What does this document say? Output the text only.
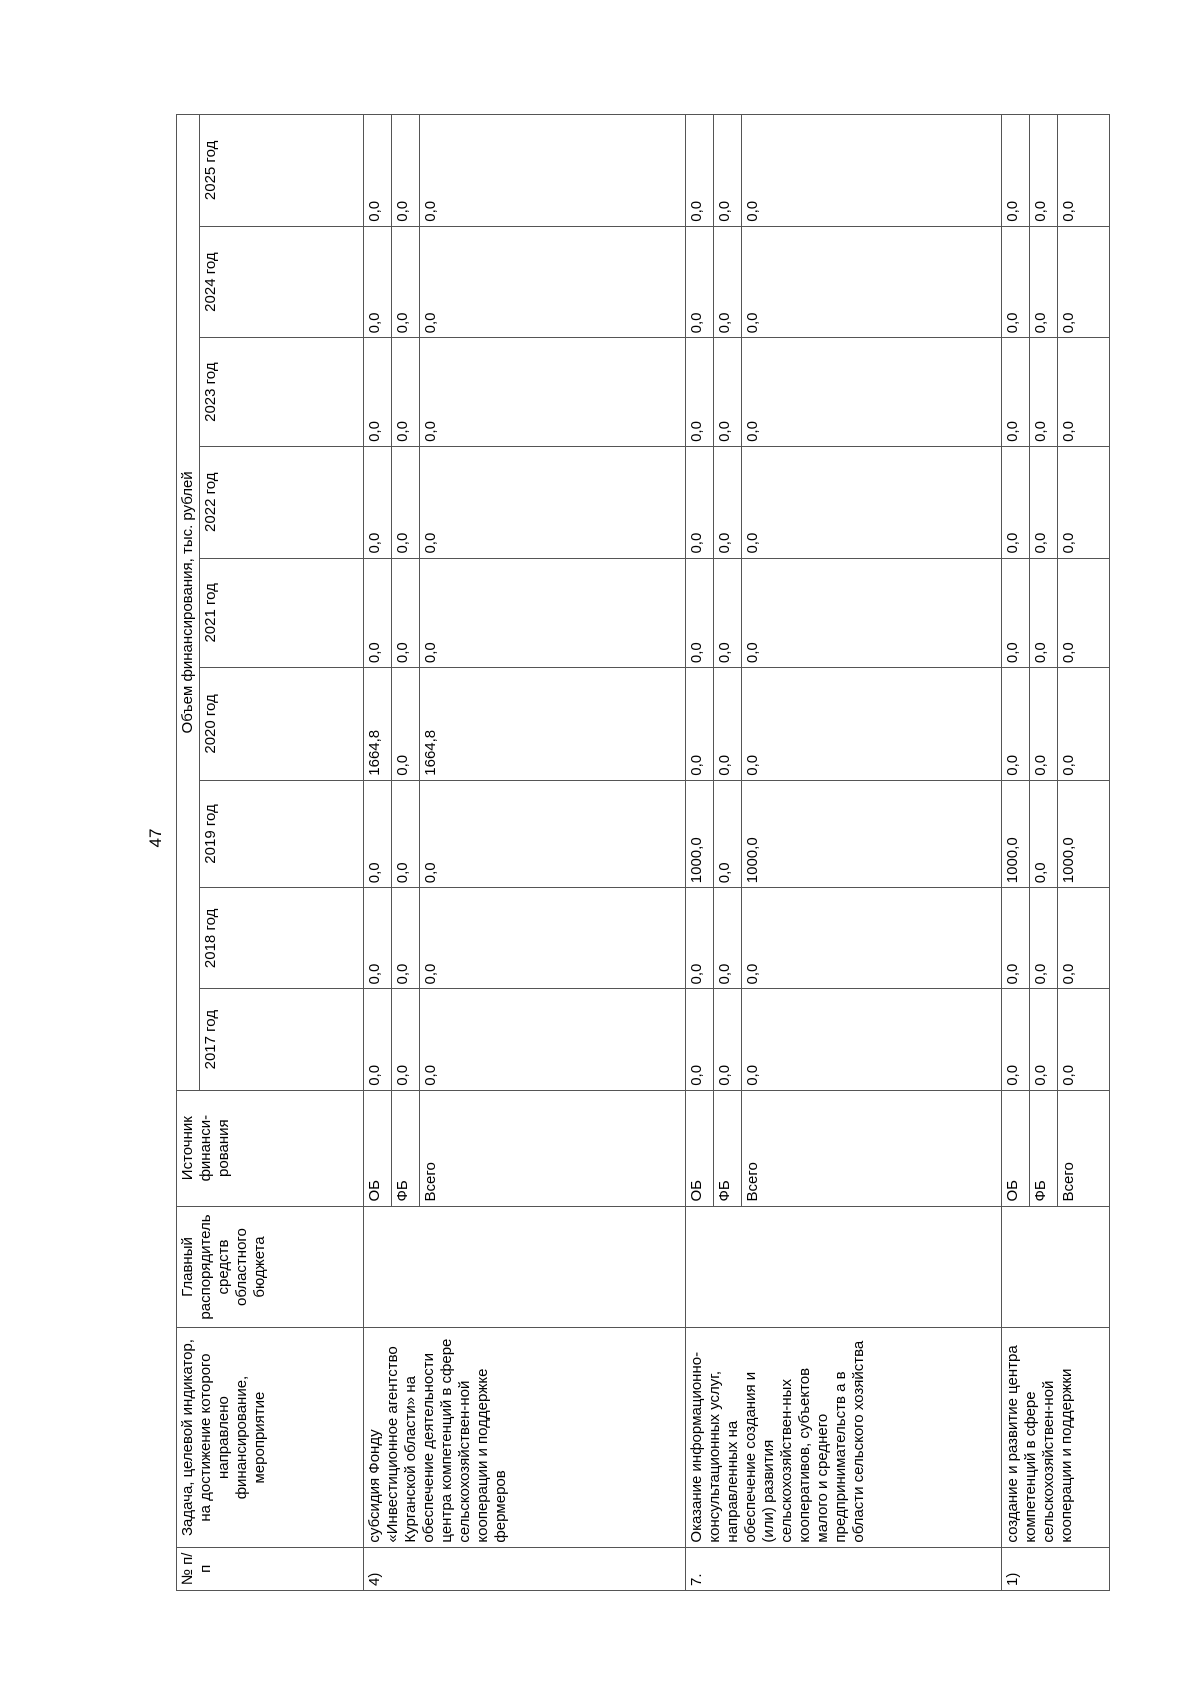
47
№ п/п	Задача, целевой индикатор, на достижение которого направлено финансирование, мероприятие	Главный распорядитель средств областного бюджета	Источник финанси-рования	Объем финансирования, тыс. рублей								
				2017 год	2018 год	2019 год	2020 год	2021 год	2022 год	2023 год	2024 год	2025 год
4)	субсидия Фонду «Инвестиционное агентство Курганской области» на обеспечение деятельности центра компетенций в сфере сельскохозяйствен-ной кооперации и поддержке фермеров		ОБ	0,0	0,0	0,0	1664,8	0,0	0,0	0,0	0,0	0,0
			ФБ	0,0	0,0	0,0	0,0	0,0	0,0	0,0	0,0	0,0
			Всего	0,0	0,0	0,0	1664,8	0,0	0,0	0,0	0,0	0,0
7.	Оказание информационно-консультационных услуг, направленных на обеспечение создания и (или) развития сельскохозяйствен-ных кооперативов, субъектов малого и среднего предпринимательств а в области сельского хозяйства		ОБ	0,0	0,0	1000,0	0,0	0,0	0,0	0,0	0,0	0,0
			ФБ	0,0	0,0	0,0	0,0	0,0	0,0	0,0	0,0	0,0
			Всего	0,0	0,0	1000,0	0,0	0,0	0,0	0,0	0,0	0,0
1)	создание и развитие центра компетенций в сфере сельскохозяйствен-ной кооперации и поддержки		ОБ	0,0	0,0	1000,0	0,0	0,0	0,0	0,0	0,0	0,0
			ФБ	0,0	0,0	0,0	0,0	0,0	0,0	0,0	0,0	0,0
			Всего	0,0	0,0	1000,0	0,0	0,0	0,0	0,0	0,0	0,0
